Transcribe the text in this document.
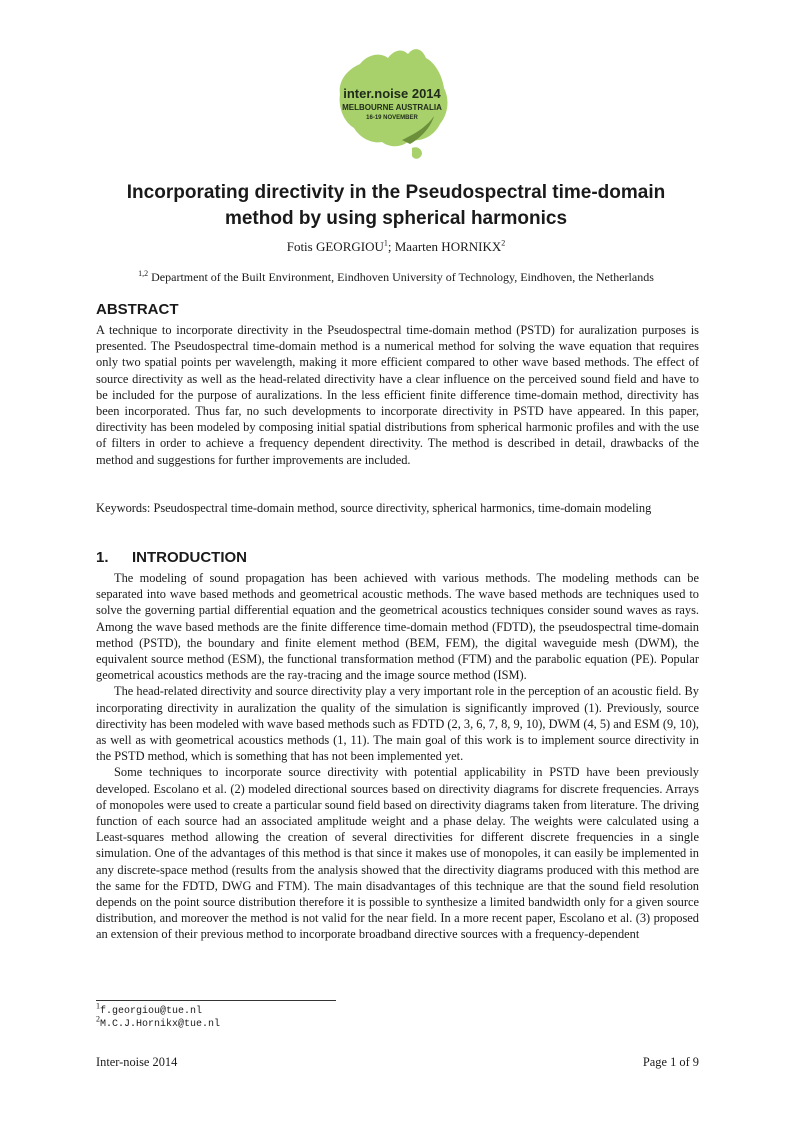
inter.noise 2014
MELBOURNE AUSTRALIA
16-19 NOVEMBER
Incorporating directivity in the Pseudospectral time-domain
method by using spherical harmonics
Fotis GEORGIOU$^1$; Maarten HORNIKX$^2$
$^{1,2}$ Department of the Built Environment, Eindhoven University of Technology, Eindhoven, the Netherlands
ABSTRACT

A technique to incorporate directivity in the Pseudospectral time-domain method (PSTD) for auralization purposes is presented. The Pseudospectral time-domain method is a numerical method for solving the wave equation that requires only two spatial points per wavelength, making it more efficient compared to other wave based methods. The effect of source directivity as well as the head-related directivity have a clear influence on the perceived sound field and have to be included for the purpose of auralizations. In the less efficient finite difference time-domain method, directivity has been incorporated. Thus far, no such developments to incorporate directivity in PSTD have appeared. In this paper, directivity has been modeled by composing initial spatial distributions from spherical harmonic profiles and with the use of filters in order to achieve a frequency dependent directivity. The method is described in detail, drawbacks of the method and suggestions for further improvements are included.

Keywords: Pseudospectral time-domain method, source directivity, spherical harmonics, time-domain modeling

1. INTRODUCTION

The modeling of sound propagation has been achieved with various methods. The modeling methods can be separated into wave based methods and geometrical acoustic methods. The wave based methods are techniques used to solve the governing partial differential equation and the geometrical acoustics techniques consider sound waves as rays. Among the wave based methods are the finite difference time-domain method (FDTD), the pseudospectral time-domain method (PSTD), the boundary and finite element method (BEM, FEM), the digital waveguide mesh (DWM), the equivalent source method (ESM), the functional transformation method (FTM) and the parabolic equation (PE). Popular geometrical acoustics methods are the ray-tracing and the image source method (ISM).

The head-related directivity and source directivity play a very important role in the perception of an acoustic field. By incorporating directivity in auralization the quality of the simulation is significantly improved (1). Previously, source directivity has been modeled with wave based methods such as FDTD (2, 3, 6, 7, 8, 9, 10), DWM (4, 5) and ESM (9, 10), as well as with geometrical acoustics methods (1, 11). The main goal of this work is to implement source directivity in the PSTD method, which is something that has not been implemented yet.

Some techniques to incorporate source directivity with potential applicability in PSTD have been previously developed. Escolano et al. (2) modeled directional sources based on directivity diagrams for discrete frequencies. Arrays of monopoles were used to create a particular sound field based on directivity diagrams taken from literature. The driving function of each source had an associated amplitude weight and a phase delay. The weights were calculated using a Least-squares method allowing the creation of several directivities for different discrete frequencies in a single simulation. One of the advantages of this method is that since it makes use of monopoles, it can easily be implemented in any discrete-space method (results from the analysis showed that the directivity diagrams produced with this method are the same for the FDTD, DWG and FTM). The main disadvantages of this technique are that the sound field resolution depends on the point source distribution therefore it is possible to synthesize a limited bandwidth only for a given source distribution, and moreover the method is not valid for the near field. In a more recent paper, Escolano et al. (3) proposed an extension of their previous method to incorporate broadband directive sources with a frequency-dependent

$^1$f.georgiou@tue.nl
$^2$M.C.J.Hornikx@tue.nl
Inter-noise 2014	Page 1 of 9
